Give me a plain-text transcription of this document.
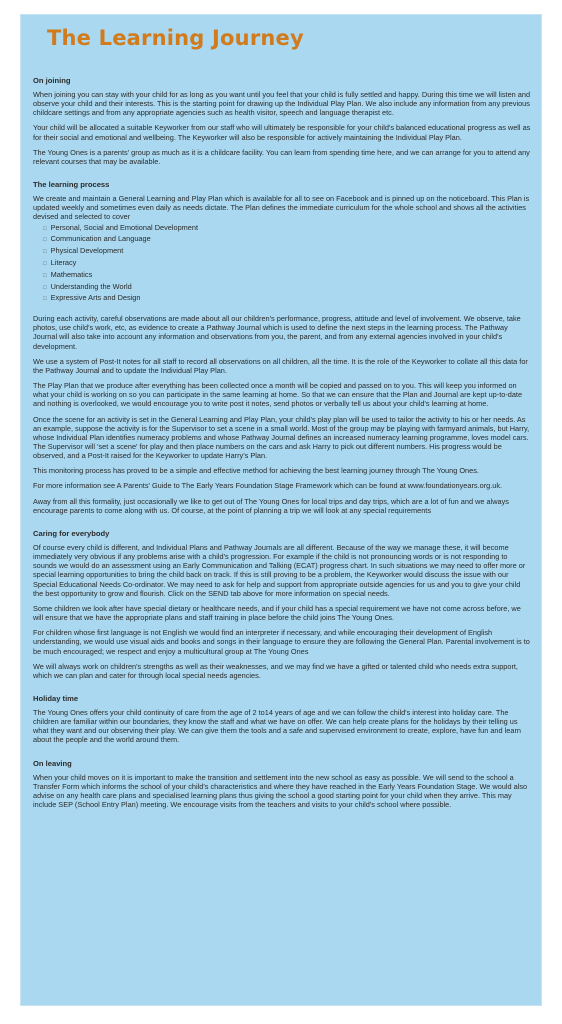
The Learning Journey
On joining

When joining you can stay with your child for as long as you want until you feel that your child is fully settled and happy. During this time we will listen and observe your child and their interests. This is the starting point for drawing up the Individual Play Plan. We also include any information from any previous childcare settings and from any appropriate agencies such as health visitor, speech and language therapist etc.

Your child will be allocated a suitable Keyworker from our staff who will ultimately be responsible for your child's balanced educational progress as well as for their social and emotional and wellbeing. The Keyworker will also be responsible for actively maintaining the Individual Play Plan.

The Young Ones is a parents' group as much as it is a childcare facility. You can learn from spending time here, and we can arrange for you to attend any relevant courses that may be available.

The learning process

We create and maintain a General Learning and Play Plan which is available for all to see on Facebook and is pinned up on the noticeboard. This Plan is updated weekly and sometimes even daily as needs dictate. The Plan defines the immediate curriculum for the whole school and shows all the activities devised and selected to cover

□ Personal, Social and Emotional Development
□ Communication and Language
□ Physical Development
□ Literacy
□ Mathematics
□ Understanding the World
□ Expressive Arts and Design

During each activity, careful observations are made about all our children's performance, progress, attitude and level of involvement. We observe, take photos, use child's work, etc, as evidence to create a Pathway Journal which is used to define the next steps in the learning process. The Pathway Journal will also take into account any information and observations from you, the parent, and from any external agencies involved in your child's development.

We use a system of Post-It notes for all staff to record all observations on all children, all the time. It is the role of the Keyworker to collate all this data for the Pathway Journal and to update the Individual Play Plan.

The Play Plan that we produce after everything has been collected once a month will be copied and passed on to you. This will keep you informed on what your child is working on so you can participate in the same learning at home. So that we can ensure that the Plan and Journal are kept up-to-date and nothing is overlooked, we would encourage you to write post it notes, send photos or verbally tell us about your child's learning at home.

Once the scene for an activity is set in the General Learning and Play Plan, your child's play plan will be used to tailor the activity to his or her needs. As an example, suppose the activity is for the Supervisor to set a scene in a small world. Most of the group may be playing with farmyard animals, but Harry, whose Individual Plan identifies numeracy problems and whose Pathway Journal defines an increased numeracy learning programme, loves model cars. The Supervisor will 'set a scene' for play and then place numbers on the cars and ask Harry to pick out different numbers. His progress would be observed, and a Post-It raised for the Keyworker to update Harry's Plan.

This monitoring process has proved to be a simple and effective method for achieving the best learning journey through The Young Ones.

For more information see A Parents' Guide to The Early Years Foundation Stage Framework which can be found at www.foundationyears.org.uk.

Away from all this formality, just occasionally we like to get out of The Young Ones for local trips and day trips, which are a lot of fun and we always encourage parents to come along with us. Of course, at the point of planning a trip we will look at any special requirements

Caring for everybody

Of course every child is different, and Individual Plans and Pathway Journals are all different. Because of the way we manage these, it will become immediately very obvious if any problems arise with a child's progression. For example if the child is not pronouncing words or is not responding to sounds we would do an assessment using an Early Communication and Talking (ECAT) progress chart. In such situations we may need to offer more or special learning opportunities to bring the child back on track. If this is still proving to be a problem, the Keyworker would discuss the issue with our Special Educational Needs Co-ordinator. We may need to ask for help and support from appropriate outside agencies for us and you to give your child the best opportunity to grow and flourish. Click on the SEND tab above for more information on special needs.

Some children we look after have special dietary or healthcare needs, and if your child has a special requirement we have not come across before, we will ensure that we have the appropriate plans and staff training in place before the child joins The Young Ones.

For children whose first language is not English we would find an interpreter if necessary, and while encouraging their development of English understanding, we would use visual aids and books and songs in their language to ensure they are following the General Plan. Parental involvement is to be much encouraged; we respect and enjoy a multicultural group at The Young Ones

We will always work on children's strengths as well as their weaknesses, and we may find we have a gifted or talented child who needs extra support, which we can plan and cater for through local special needs agencies.

Holiday time

The Young Ones offers your child continuity of care from the age of 2 to14 years of age and we can follow the child's interest into holiday care. The children are familiar within our boundaries, they know the staff and what we have on offer. We can help create plans for the holidays by their telling us what they want and our observing their play. We can give them the tools and a safe and supervised environment to create, explore, have fun and learn about the people and the world around them.

On leaving

When your child moves on it is important to make the transition and settlement into the new school as easy as possible. We will send to the school a Transfer Form which informs the school of your child's characteristics and where they have reached in the Early Years Foundation Stage. We would also advise on any health care plans and specialised learning plans thus giving the school a good starting point for your child when they arrive. This may include SEP (School Entry Plan) meeting. We encourage visits from the teachers and visits to your child's school where possible.
